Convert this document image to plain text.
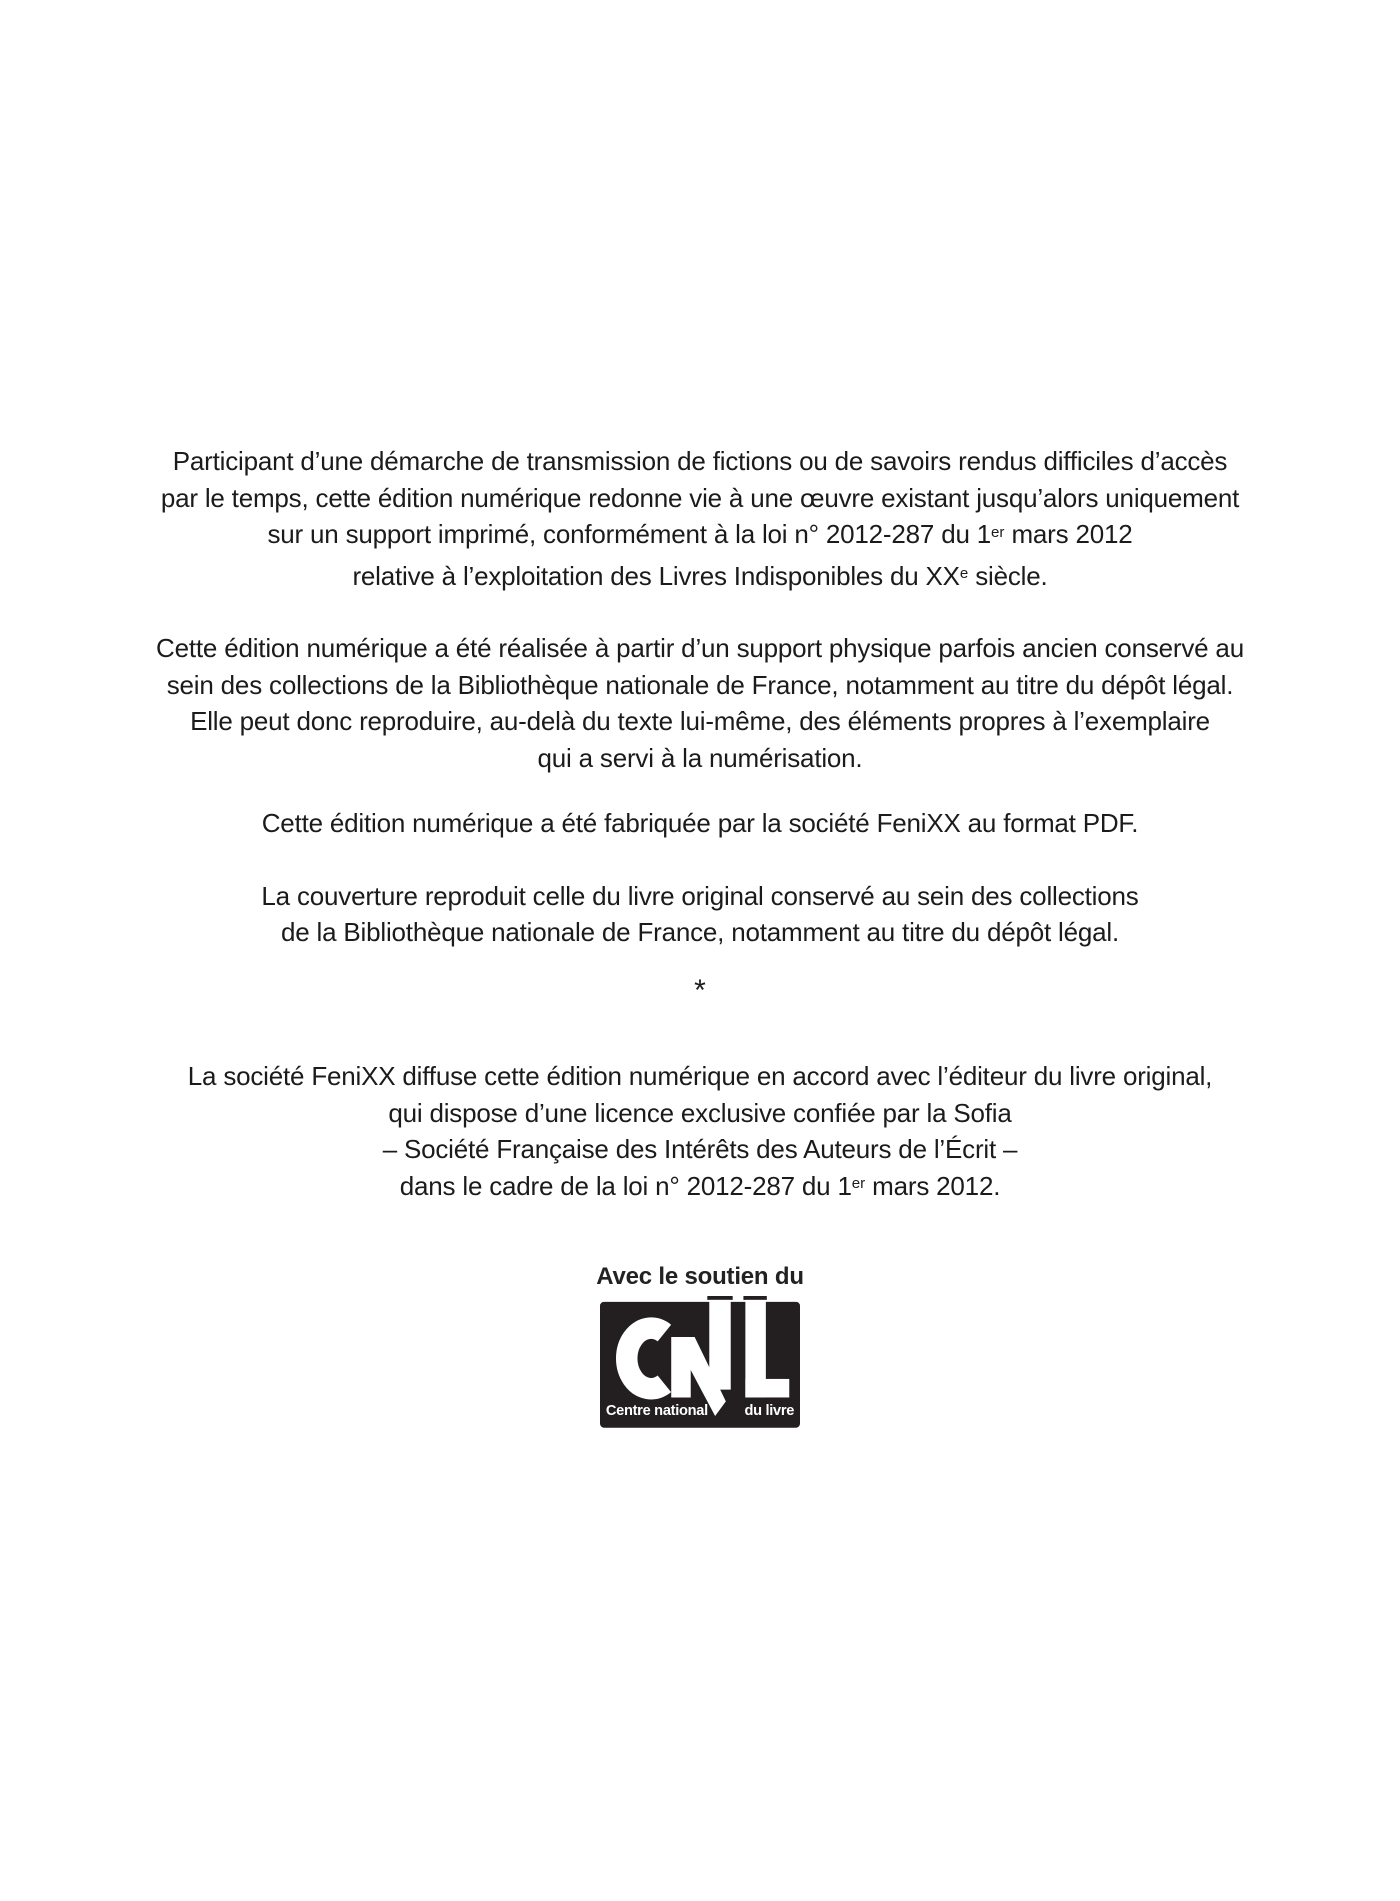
Participant d’une démarche de transmission de fictions ou de savoirs rendus difficiles d’accès
par le temps, cette édition numérique redonne vie à une œuvre existant jusqu’alors uniquement
sur un support imprimé, conformément à la loi n° 2012-287 du 1er mars 2012
relative à l’exploitation des Livres Indisponibles du XXe siècle.
Cette édition numérique a été réalisée à partir d’un support physique parfois ancien conservé au
sein des collections de la Bibliothèque nationale de France, notamment au titre du dépôt légal.
Elle peut donc reproduire, au-delà du texte lui-même, des éléments propres à l’exemplaire
qui a servi à la numérisation.
Cette édition numérique a été fabriquée par la société FeniXX au format PDF.
La couverture reproduit celle du livre original conservé au sein des collections
de la Bibliothèque nationale de France, notamment au titre du dépôt légal.
*
La société FeniXX diffuse cette édition numérique en accord avec l’éditeur du livre original,
qui dispose d’une licence exclusive confiée par la Sofia
– Société Française des Intérêts des Auteurs de l’Écrit –
dans le cadre de la loi n° 2012-287 du 1er mars 2012.
Avec le soutien du
Centre national du livre
